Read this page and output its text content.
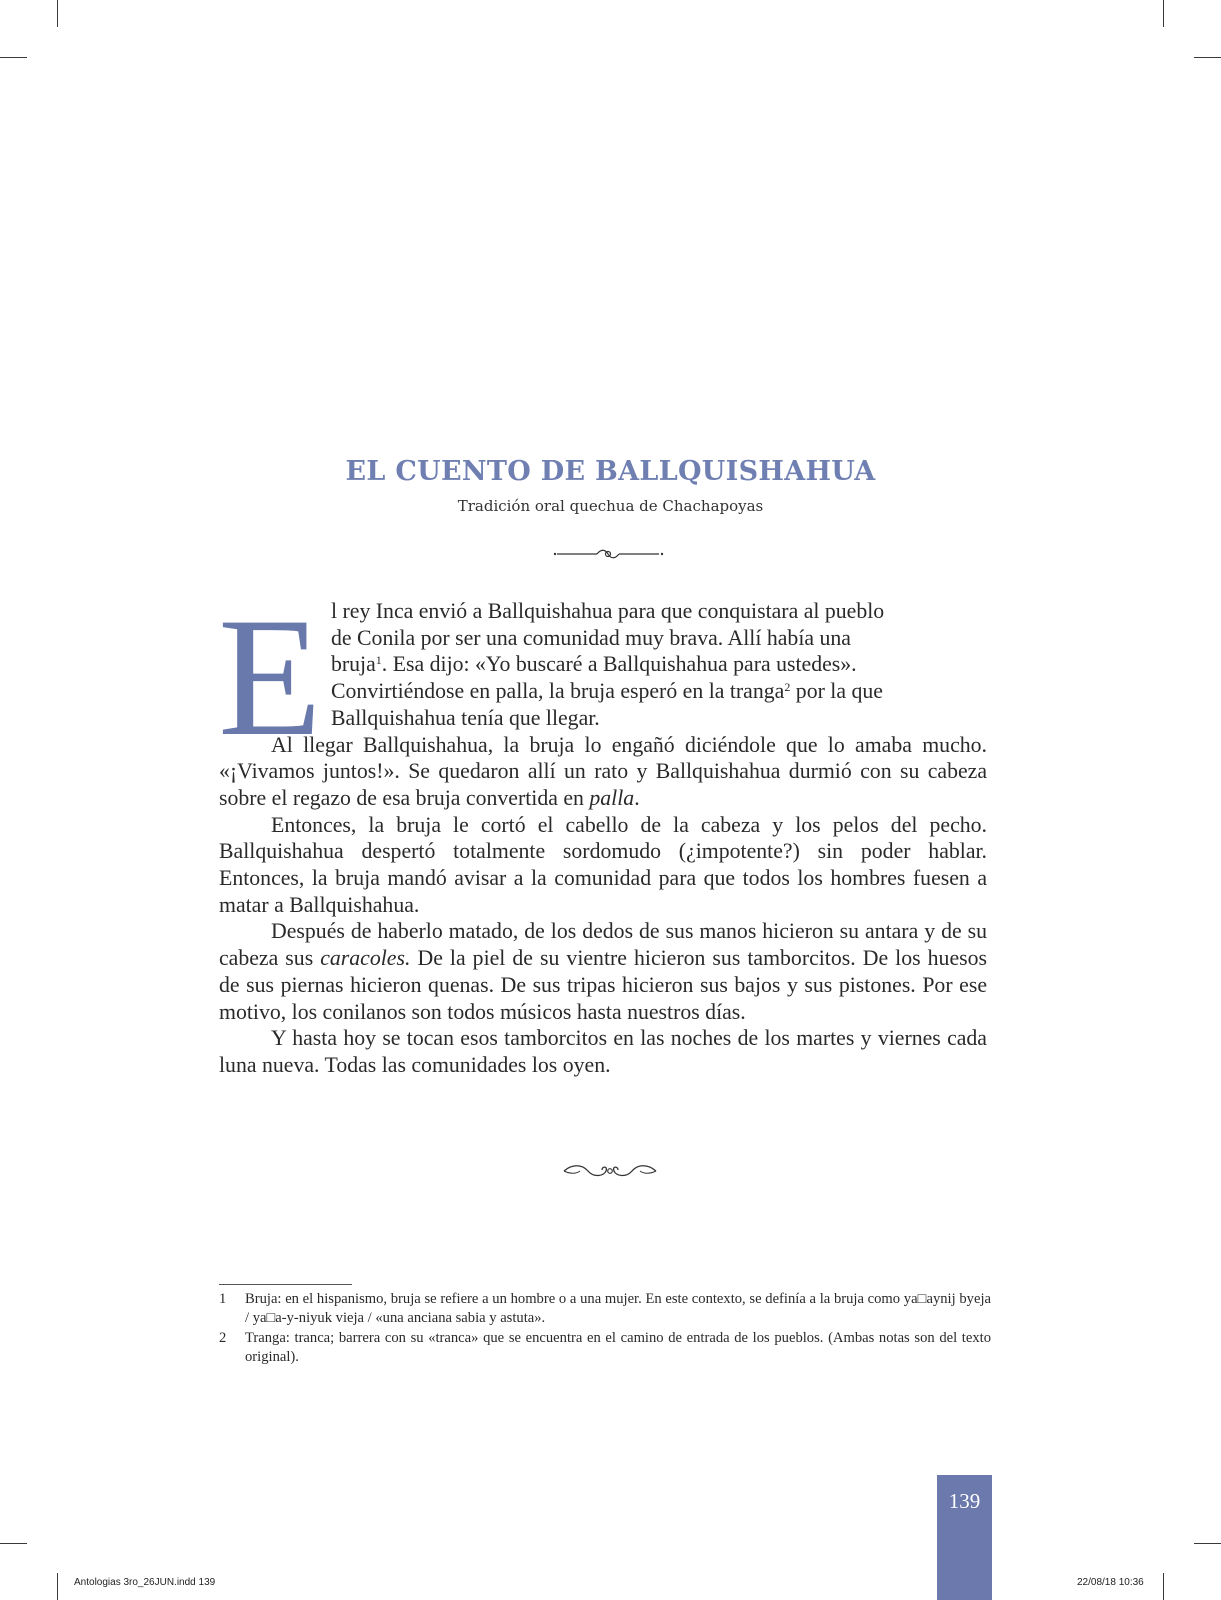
EL CUENTO DE BALLQUISHAHUA
Tradición oral quechua de Chachapoyas
E l rey Inca envió a Ballquishahua para que conquistara al pueblo
de Conila por ser una comunidad muy brava. Allí había una
bruja$^1$. Esa dijo: «Yo buscaré a Ballquishahua para ustedes».
Convirtiéndose en palla, la bruja esperó en la tranga$^2$ por la que
Ballquishahua tenía que llegar.

Al llegar Ballquishahua, la bruja lo engañó diciéndole que lo amaba mucho. «¡Vivamos juntos!». Se quedaron allí un rato y Ballquishahua durmió con su cabeza sobre el regazo de esa bruja convertida en palla.

Entonces, la bruja le cortó el cabello de la cabeza y los pelos del pecho. Ballquishahua despertó totalmente sordomudo (¿impotente?) sin poder hablar. Entonces, la bruja mandó avisar a la comunidad para que todos los hombres fuesen a matar a Ballquishahua.

Después de haberlo matado, de los dedos de sus manos hicieron su antara y de su cabeza sus caracoles. De la piel de su vientre hicieron sus tamborcitos. De los huesos de sus piernas hicieron quenas. De sus tripas hicieron sus bajos y sus pistones. Por ese motivo, los conilanos son todos músicos hasta nuestros días.

Y hasta hoy se tocan esos tamborcitos en las noches de los martes y viernes cada luna nueva. Todas las comunidades los oyen.

1	Bruja: en el hispanismo, bruja se refiere a un hombre o a una mujer. En este contexto, se definía a la bruja como ya□aynij byeja / ya□a-y-niyuk vieja / «una anciana sabia y astuta».
2	Tranga: tranca; barrera con su «tranca» que se encuentra en el camino de entrada de los pueblos. (Ambas notas son del texto original).
139
Antologias 3ro_26JUN.indd 139	22/08/18 10:36
